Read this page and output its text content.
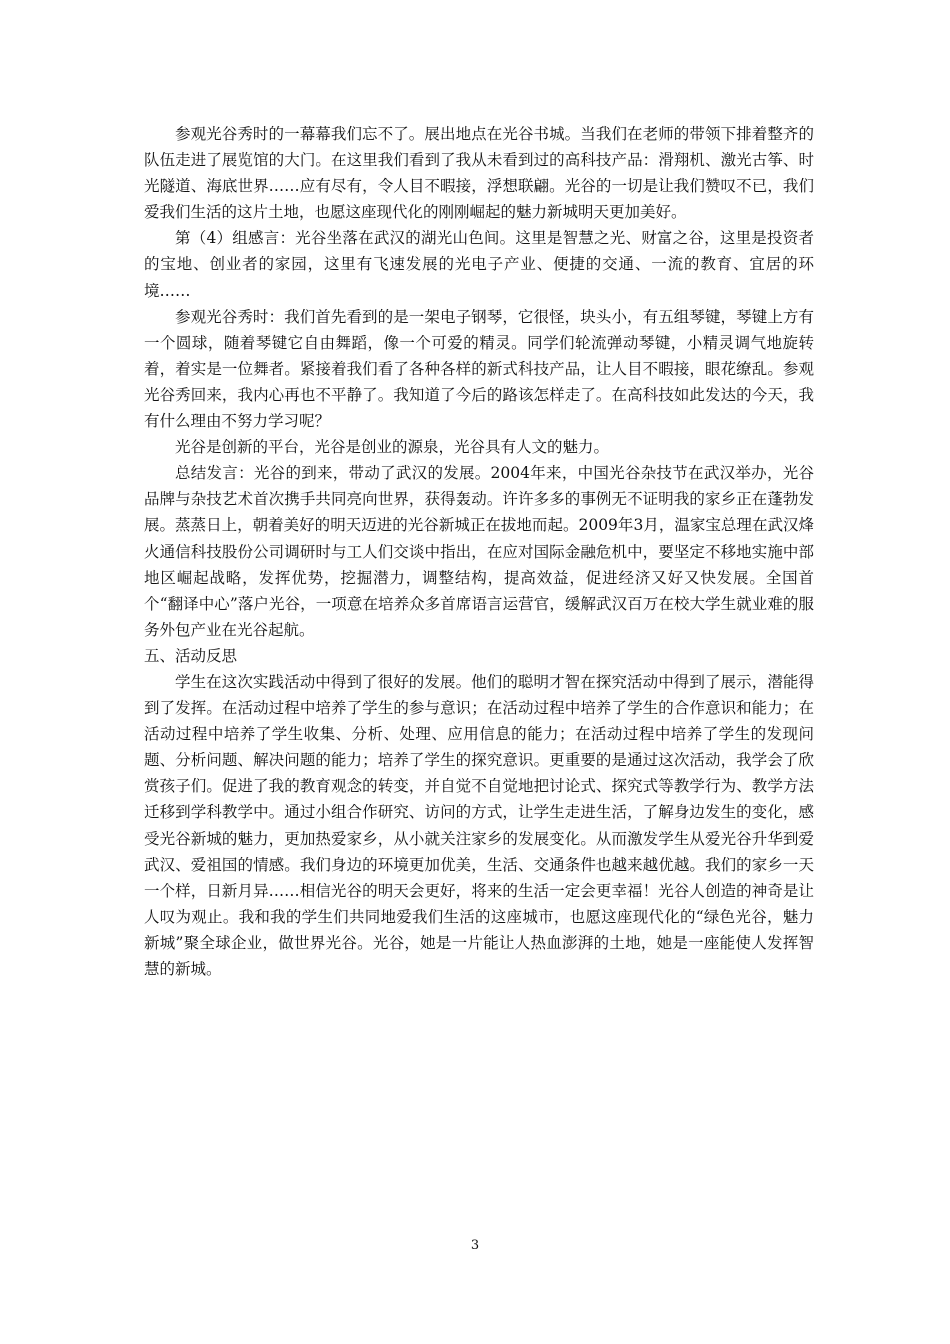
参观光谷秀时的一幕幕我们忘不了。展出地点在光谷书城。当我们在老师的带领下排着整齐的队伍走进了展览馆的大门。在这里我们看到了我从未看到过的高科技产品：滑翔机、激光古筝、时光隧道、海底世界……应有尽有，令人目不暇接，浮想联翩。光谷的一切是让我们赞叹不已，我们爱我们生活的这片土地，也愿这座现代化的刚刚崛起的魅力新城明天更加美好。

第（4）组感言：光谷坐落在武汉的湖光山色间。这里是智慧之光、财富之谷，这里是投资者的宝地、创业者的家园，这里有飞速发展的光电子产业、便捷的交通、一流的教育、宜居的环境……

参观光谷秀时：我们首先看到的是一架电子钢琴，它很怪，块头小，有五组琴键，琴键上方有一个圆球，随着琴键它自由舞蹈，像一个可爱的精灵。同学们轮流弹动琴键，小精灵调气地旋转着，着实是一位舞者。紧接着我们看了各种各样的新式科技产品，让人目不暇接，眼花缭乱。参观光谷秀回来，我内心再也不平静了。我知道了今后的路该怎样走了。在高科技如此发达的今天，我有什么理由不努力学习呢？

光谷是创新的平台，光谷是创业的源泉，光谷具有人文的魅力。

总结发言：光谷的到来，带动了武汉的发展。2004年来，中国光谷杂技节在武汉举办，光谷品牌与杂技艺术首次携手共同亮向世界，获得轰动。许许多多的事例无不证明我的家乡正在蓬勃发展。蒸蒸日上，朝着美好的明天迈进的光谷新城正在拔地而起。2009年3月，温家宝总理在武汉烽火通信科技股份公司调研时与工人们交谈中指出，在应对国际金融危机中，要坚定不移地实施中部地区崛起战略，发挥优势，挖掘潜力，调整结构，提高效益，促进经济又好又快发展。全国首个“翻译中心”落户光谷，一项意在培养众多首席语言运营官，缓解武汉百万在校大学生就业难的服务外包产业在光谷起航。

五、活动反思

学生在这次实践活动中得到了很好的发展。他们的聪明才智在探究活动中得到了展示，潜能得到了发挥。在活动过程中培养了学生的参与意识；在活动过程中培养了学生的合作意识和能力；在活动过程中培养了学生收集、分析、处理、应用信息的能力；在活动过程中培养了学生的发现问题、分析问题、解决问题的能力；培养了学生的探究意识。更重要的是通过这次活动，我学会了欣赏孩子们。促进了我的教育观念的转变，并自觉不自觉地把讨论式、探究式等教学行为、教学方法迁移到学科教学中。通过小组合作研究、访问的方式，让学生走进生活，了解身边发生的变化，感受光谷新城的魅力，更加热爱家乡，从小就关注家乡的发展变化。从而激发学生从爱光谷升华到爱武汉、爱祖国的情感。我们身边的环境更加优美，生活、交通条件也越来越优越。我们的家乡一天一个样，日新月异……相信光谷的明天会更好，将来的生活一定会更幸福！光谷人创造的神奇是让人叹为观止。我和我的学生们共同地爱我们生活的这座城市，也愿这座现代化的“绿色光谷，魅力新城”聚全球企业，做世界光谷。光谷，她是一片能让人热血澎湃的土地，她是一座能使人发挥智慧的新城。

3
